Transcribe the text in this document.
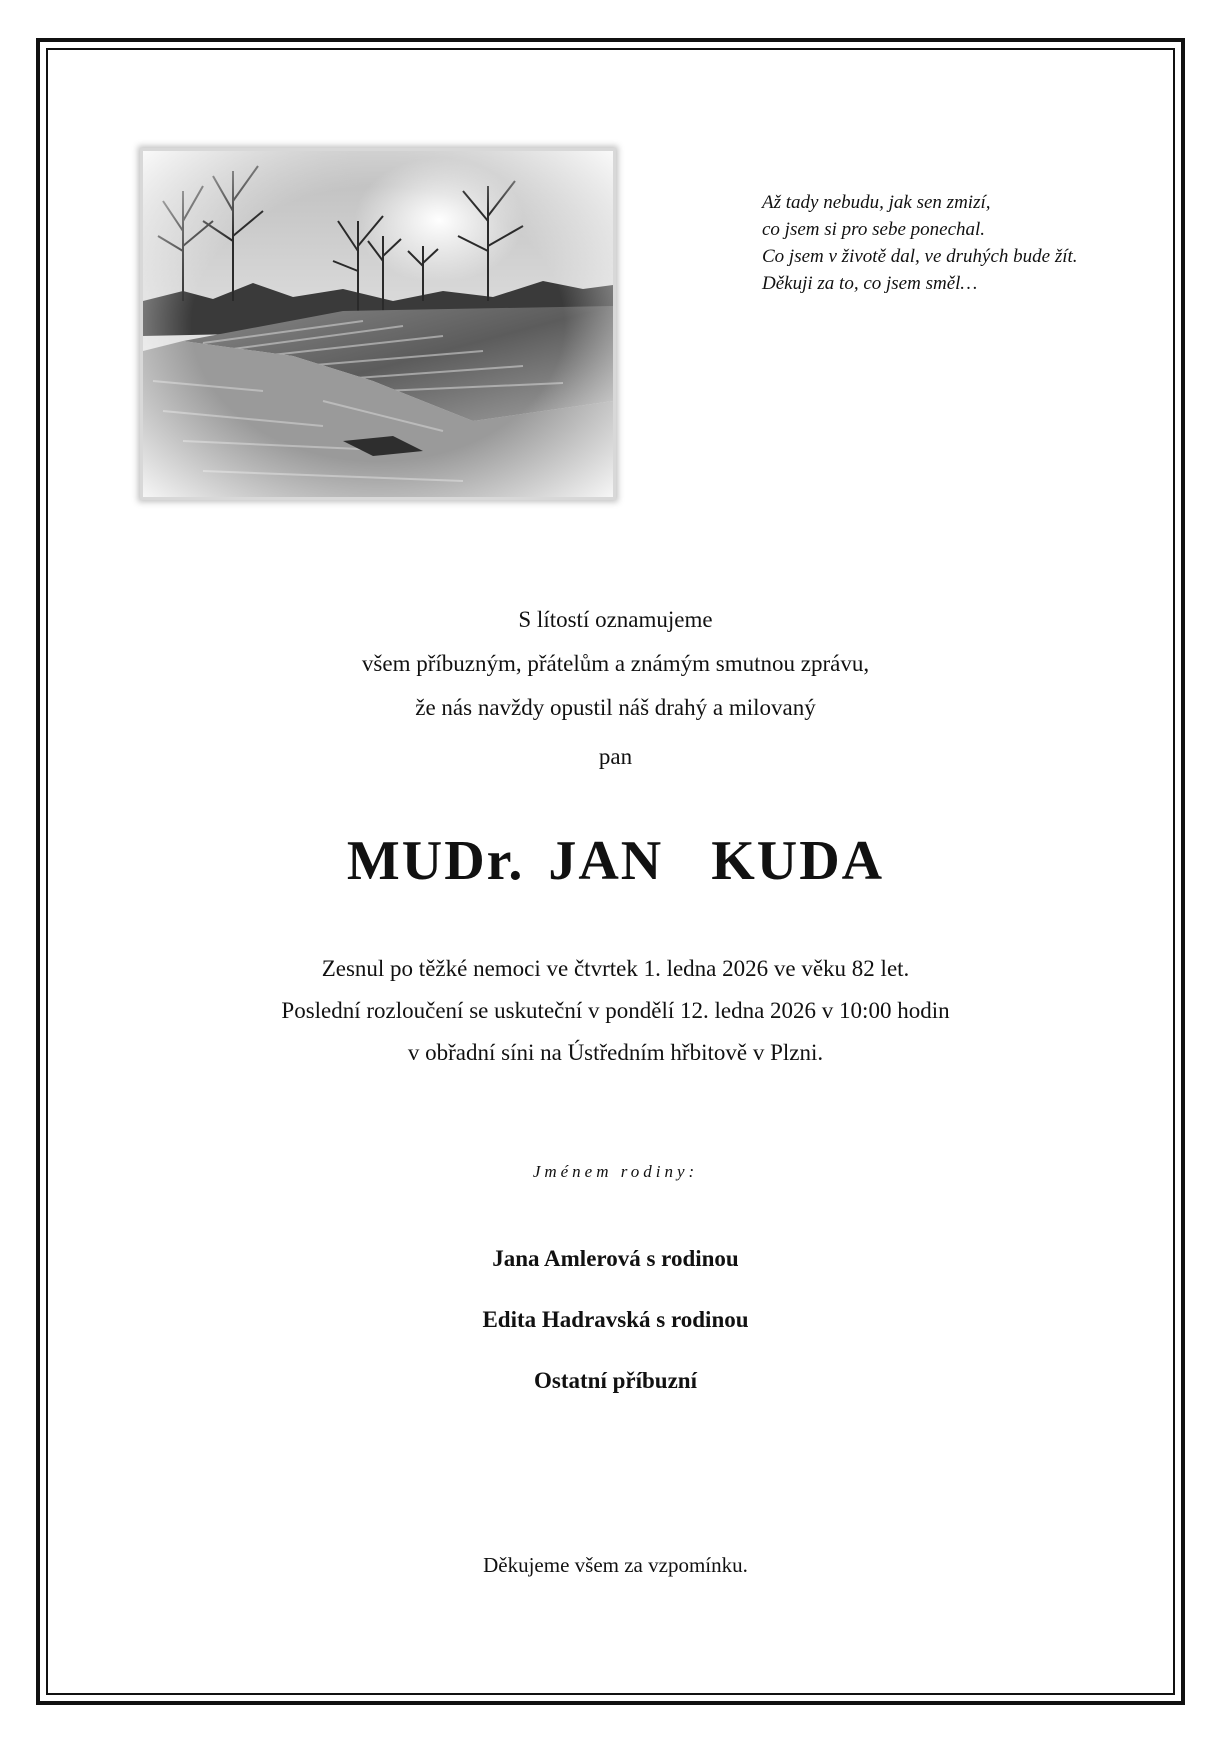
Až tady nebudu, jak sen zmizí,
co jsem si pro sebe ponechal.
Co jsem v životě dal, ve druhých bude žít.
Děkuji za to, co jsem směl…
S lítostí oznamujeme
všem příbuzným, přátelům a známým smutnou zprávu,
že nás navždy opustil náš drahý a milovaný
pan
MUDr. JAN  KUDA
Zesnul po těžké nemoci ve čtvrtek 1. ledna 2026 ve věku 82 let.
Poslední rozloučení se uskuteční v pondělí 12. ledna 2026 v 10:00 hodin
v obřadní síni na Ústředním hřbitově v Plzni.
Jménem rodiny:
Jana Amlerová s rodinou
Edita Hadravská s rodinou
Ostatní příbuzní
Děkujeme všem za vzpomínku.
